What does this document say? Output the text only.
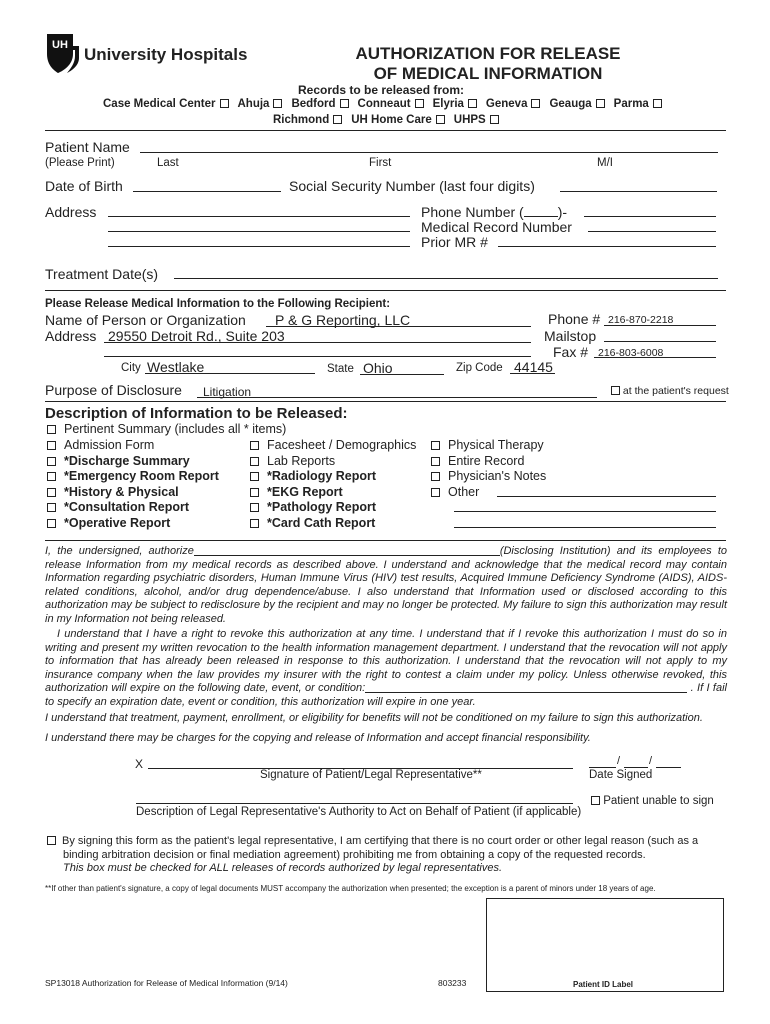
UH University Hospitals	AUTHORIZATION FOR RELEASE
OF MEDICAL INFORMATION
Records to be released from:
Case Medical Center Ahuja Bedford Conneaut Elyria Geneva Geauga Parma
Richmond UH Home Care UHPS
Patient Name
(Please Print)	Last	First	M/I
Date of Birth	Social Security Number (last four digits)
Address	Phone Number ( )-
Medical Record Number
Prior MR #
Treatment Date(s)
Please Release Medical Information to the Following Recipient:
Name of Person or Organization P & G Reporting, LLC
Address 29550 Detroit Rd., Suite 203
Phone # 216-870-2218
Mailstop
Fax # 216-803-6008
City Westlake	State Ohio	Zip Code 44145
Purpose of Disclosure Litigation	at the patient's request
Description of Information to be Released:
Pertinent Summary (includes all * items)
Admission Form
*Discharge Summary
*Emergency Room Report
*History & Physical
*Consultation Report
*Operative Report
Facesheet / Demographics
Lab Reports
*Radiology Report
*EKG Report
*Pathology Report
*Card Cath Report
Physical Therapy
Entire Record
Physician's Notes
Other
I, the undersigned, authorize	(Disclosing Institution) and its employees to release Information from my medical records as described above. I understand and acknowledge that the medical record may contain Information regarding psychiatric disorders, Human Immune Virus (HIV) test results, Acquired Immune Deficiency Syndrome (AIDS), AIDS-related conditions, alcohol, and/or drug dependence/abuse. I also understand that Information used or disclosed according to this authorization may be subject to redisclosure by the recipient and may no longer be protected. My failure to sign this authorization may result in my Information not being released.
I understand that I have a right to revoke this authorization at any time. I understand that if I revoke this authorization I must do so in writing and present my written revocation to the health information management department. I understand that the revocation will not apply to information that has already been released in response to this authorization. I understand that the revocation will not apply to my insurance company when the law provides my insurer with the right to contest a claim under my policy. Unless otherwise revoked, this authorization will expire on the following date, event, or condition:	. If I fail to specify an expiration date, event or condition, this authorization will expire in one year.
I understand that treatment, payment, enrollment, or eligibility for benefits will not be conditioned on my failure to sign this authorization.
I understand there may be charges for the copying and release of Information and accept financial responsibility.
X
Signature of Patient/Legal Representative**
/	/
Date Signed
Description of Legal Representative's Authority to Act on Behalf of Patient (if applicable)
Patient unable to sign
By signing this form as the patient's legal representative, I am certifying that there is no court order or other legal reason (such as a
binding arbitration decision or final mediation agreement) prohibiting me from obtaining a copy of the requested records.
This box must be checked for ALL releases of records authorized by legal representatives.
**If other than patient's signature, a copy of legal documents MUST accompany the authorization when presented; the exception is a parent of minors under 18 years of age.
Patient ID Label
SP13018 Authorization for Release of Medical Information (9/14)	803233
